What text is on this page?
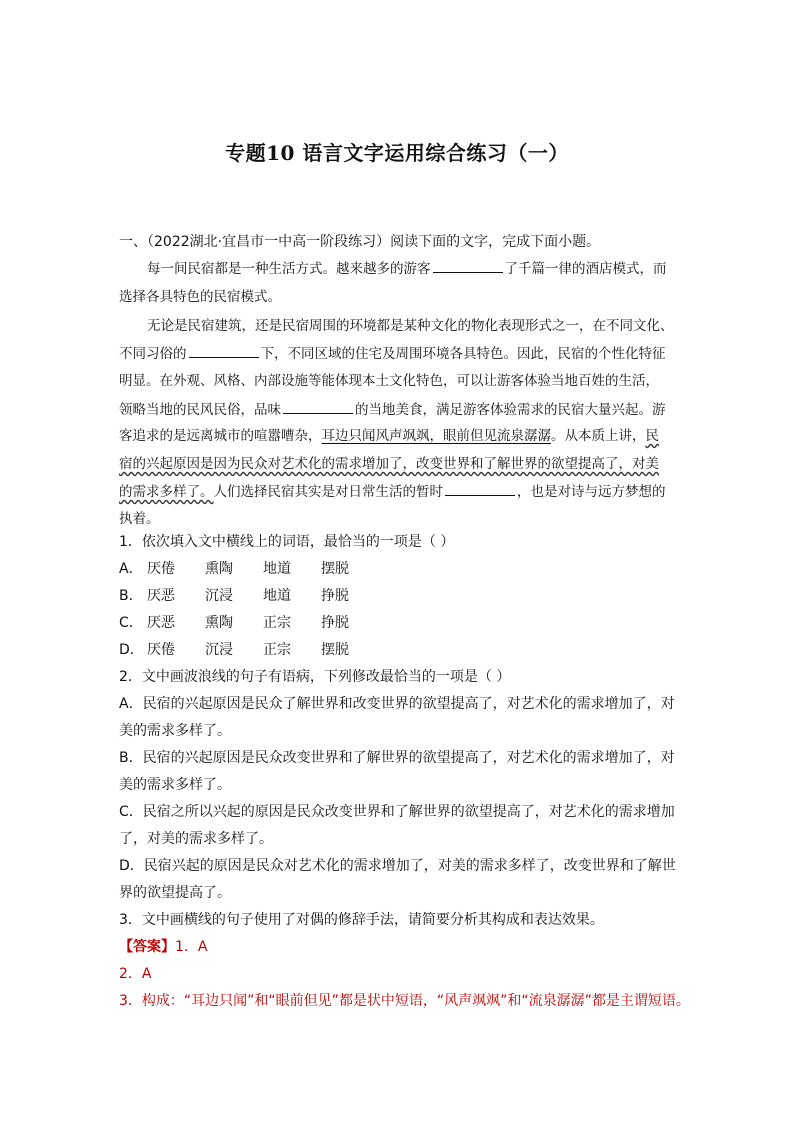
专题10 语言文字运用综合练习（一）
一、（2022湖北·宜昌市一中高一阶段练习）阅读下面的文字，完成下面小题。
每一间民宿都是一种生活方式。越来越多的游客	了千篇一律的酒店模式，而
选择各具特色的民宿模式。
无论是民宿建筑，还是民宿周围的环境都是某种文化的物化表现形式之一，在不同文化、
不同习俗的	下，不同区域的住宅及周围环境各具特色。因此，民宿的个性化特征
明显。在外观、风格、内部设施等能体现本土文化特色，可以让游客体验当地百姓的生活，
领略当地的民风民俗，品味	的当地美食，满足游客体验需求的民宿大量兴起。游
客追求的是远离城市的喧嚣嘈杂，耳边只闻风声飒飒，眼前但见流泉潺潺。从本质上讲，民
宿的兴起原因是因为民众对艺术化的需求增加了，改变世界和了解世界的欲望提高了，对美
的需求多样了。人们选择民宿其实是对日常生活的暂时	，也是对诗与远方梦想的
执着。
1．依次填入文中横线上的词语，最恰当的一项是（ ）
A． 厌倦 熏陶 地道 摆脱
B． 厌恶 沉浸 地道 挣脱
C． 厌恶 熏陶 正宗 挣脱
D． 厌倦 沉浸 正宗 摆脱
2．文中画波浪线的句子有语病，下列修改最恰当的一项是（ ）
A．民宿的兴起原因是民众了解世界和改变世界的欲望提高了，对艺术化的需求增加了，对
美的需求多样了。
B．民宿的兴起原因是民众改变世界和了解世界的欲望提高了，对艺术化的需求增加了，对
美的需求多样了。
C．民宿之所以兴起的原因是民众改变世界和了解世界的欲望提高了，对艺术化的需求增加
了，对美的需求多样了。
D．民宿兴起的原因是民众对艺术化的需求增加了，对美的需求多样了，改变世界和了解世
界的欲望提高了。
3．文中画横线的句子使用了对偶的修辞手法，请简要分析其构成和表达效果。
【答案】1．A
2．A
3．构成：“耳边只闻”和“眼前但见”都是状中短语，“风声飒飒”和“流泉潺潺”都是主谓短语。
